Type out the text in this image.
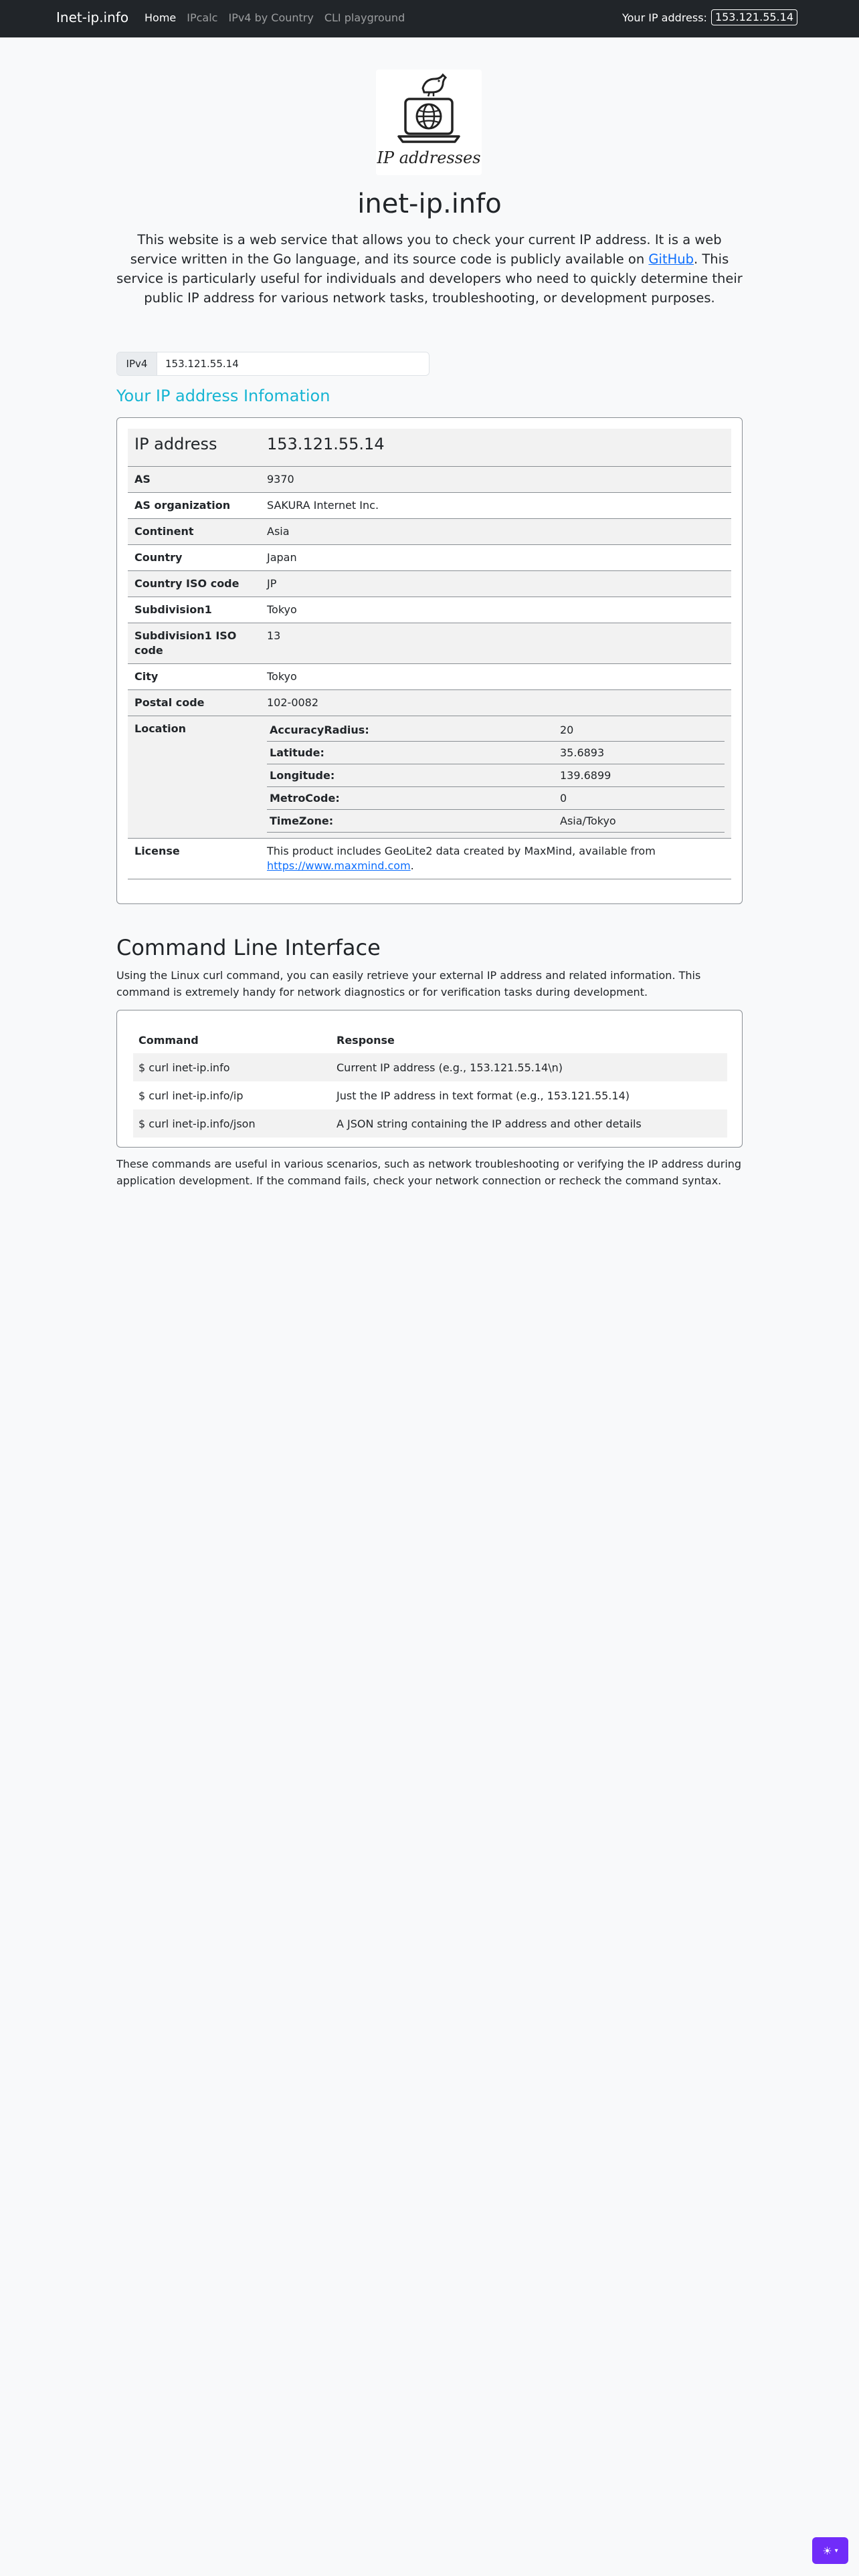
Inet-ip.info Home IPcalc IPv4 by Country CLI playground	Your IP address: 153.121.55.14
IP addresses
inet-ip.info

This website is a web service that allows you to check your current IP address. It is a web service written in the Go language, and its source code is publicly available on GitHub. This service is particularly useful for individuals and developers who need to quickly determine their public IP address for various network tasks, troubleshooting, or development purposes.

IPv4
153.121.55.14
Your IP address Infomation
IP address	153.121.55.14
AS	9370
AS organization	SAKURA Internet Inc.
Continent	Asia
Country	Japan
Country ISO code	JP
Subdivision1	Tokyo
Subdivision1 ISO code	13
City	Tokyo
Postal code	102-0082
Location		AccuracyRadius:	20
Latitude:	35.6893
Longitude:	139.6899
MetroCode:	0
TimeZone:	Asia/Tokyo

License	This product includes GeoLite2 data created by MaxMind, available from https://www.maxmind.com.
Command Line Interface

Using the Linux curl command, you can easily retrieve your external IP address and related information. This command is extremely handy for network diagnostics or for verification tasks during development.

Command	Response
$ curl inet-ip.info	Current IP address (e.g., 153.121.55.14\n)
$ curl inet-ip.info/ip	Just the IP address in text format (e.g., 153.121.55.14)
$ curl inet-ip.info/json	A JSON string containing the IP address and other details

These commands are useful in various scenarios, such as network troubleshooting or verifying the IP address during application development. If the command fails, check your network connection or recheck the command syntax.

☀ ▾
